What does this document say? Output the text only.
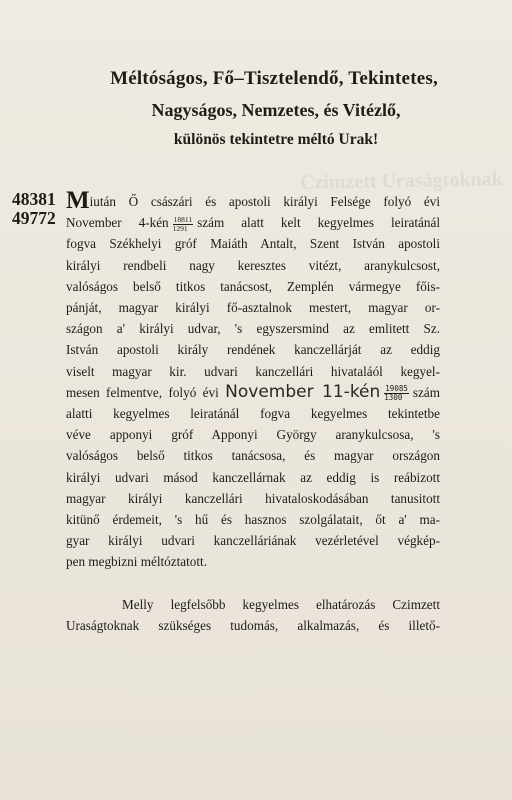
Czimzett Uraságtoknak
Méltóságos, Fő–Tisztelendő, Tekintetes,
Nagyságos, Nemzetes, és Vitézlő,
különös tekintetre méltó Urak!
48381
49772
Miután Ő császári és apostoli királyi Felsége folyó évi
November 4-kén $\frac{18811}{1291}$ szám alatt kelt kegyelmes leiratánál
fogva Székhelyi gróf Maiáth Antalt, Szent István apostoli
királyi rendbeli nagy keresztes vitézt, aranykulcsost,
valóságos belső titkos tanácsost, Zemplén vármegye főis-
pánját, magyar királyi fő-asztalnok mestert, magyar or-
szágon a' királyi udvar, 's egyszersmind az emlitett Sz.
István apostoli király rendének kanczellárját az eddig
viselt magyar kir. udvari kanczellári hivataláól kegyel-
mesen felmentve, folyó évi November 11-kén $\frac{19085}{1300}$ szám
alatti kegyelmes leiratánál fogva kegyelmes tekintetbe
véve apponyi gróf Apponyi György aranykulcsosa, 's
valóságos belső titkos tanácsosa, és magyar országon
királyi udvari másod kanczellárnak az eddig is reábizott
magyar királyi kanczellári hivataloskodásában tanusitott
kitünő érdemeit, 's hű és hasznos szolgálatait, őt a' ma-
gyar királyi udvari kanczelláriának vezérletével végkép-
pen megbizni méltóztatott.
Melly legfelsőbb kegyelmes elhatározás Czimzett
Uraságtoknak szükséges tudomás, alkalmazás, és illető-
